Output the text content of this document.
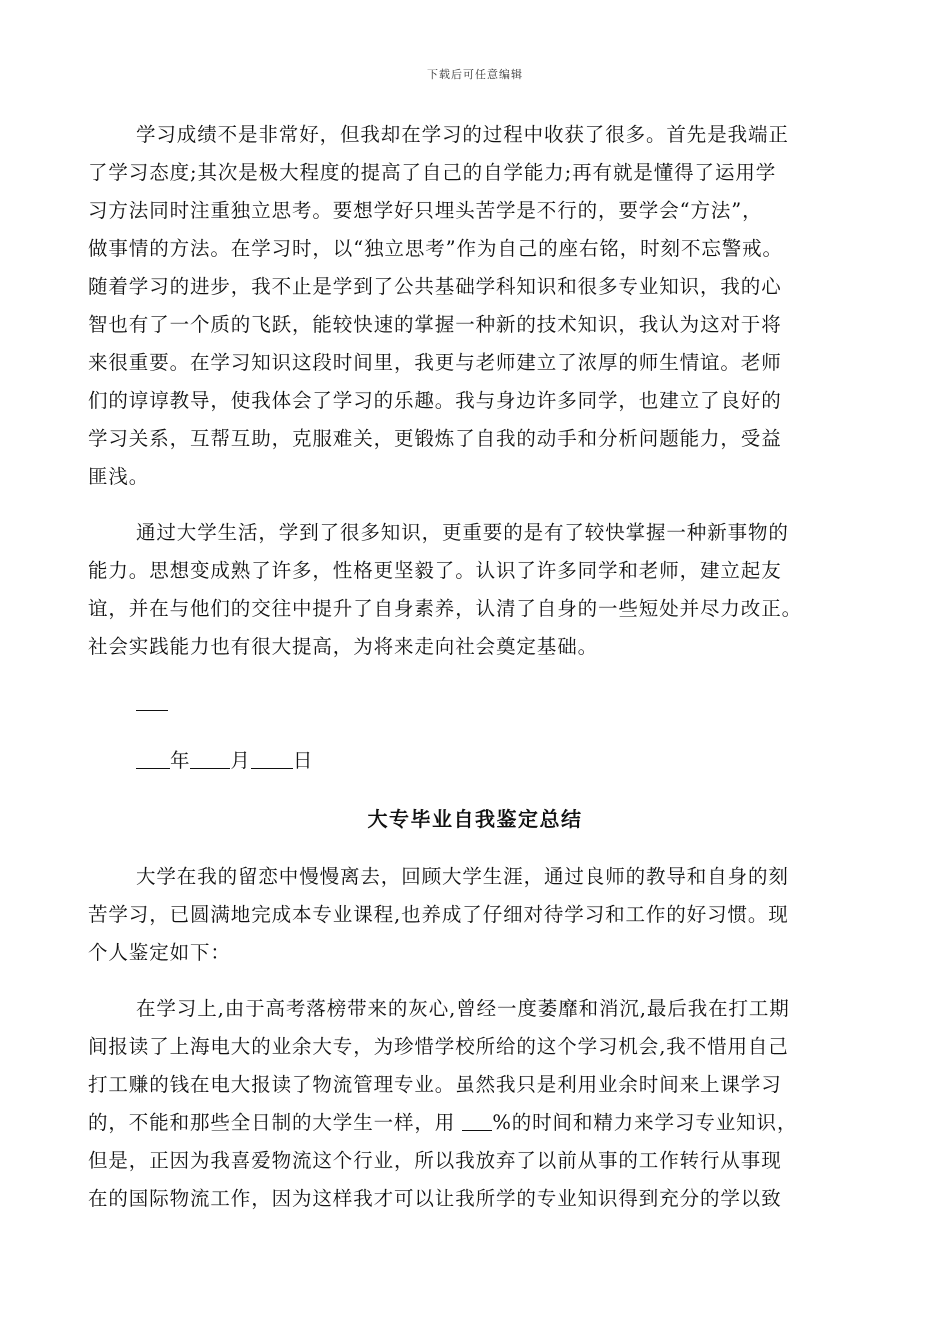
下载后可任意编辑
学习成绩不是非常好，但我却在学习的过程中收获了很多。首先是我端正
了学习态度;其次是极大程度的提高了自己的自学能力;再有就是懂得了运用学
习方法同时注重独立思考。要想学好只埋头苦学是不行的，要学会“方法”，
做事情的方法。在学习时，以“独立思考”作为自己的座右铭，时刻不忘警戒。
随着学习的进步，我不止是学到了公共基础学科知识和很多专业知识，我的心
智也有了一个质的飞跃，能较快速的掌握一种新的技术知识，我认为这对于将
来很重要。在学习知识这段时间里，我更与老师建立了浓厚的师生情谊。老师
们的谆谆教导，使我体会了学习的乐趣。我与身边许多同学，也建立了良好的
学习关系，互帮互助，克服难关，更锻炼了自我的动手和分析问题能力，受益
匪浅。
通过大学生活，学到了很多知识，更重要的是有了较快掌握一种新事物的
能力。思想变成熟了许多，性格更坚毅了。认识了许多同学和老师，建立起友
谊，并在与他们的交往中提升了自身素养，认清了自身的一些短处并尽力改正。
社会实践能力也有很大提高，为将来走向社会奠定基础。
年 月 日
大专毕业自我鉴定总结
大学在我的留恋中慢慢离去，回顾大学生涯，通过良师的教导和自身的刻
苦学习，已圆满地完成本专业课程,也养成了仔细对待学习和工作的好习惯。现
个人鉴定如下：
在学习上,由于高考落榜带来的灰心,曾经一度萎靡和消沉,最后我在打工期
间报读了上海电大的业余大专，为珍惜学校所给的这个学习机会,我不惜用自己
打工赚的钱在电大报读了物流管理专业。虽然我只是利用业余时间来上课学习
的，不能和那些全日制的大学生一样，用 %的时间和精力来学习专业知识，
但是，正因为我喜爱物流这个行业，所以我放弃了以前从事的工作转行从事现
在的国际物流工作，因为这样我才可以让我所学的专业知识得到充分的学以致
